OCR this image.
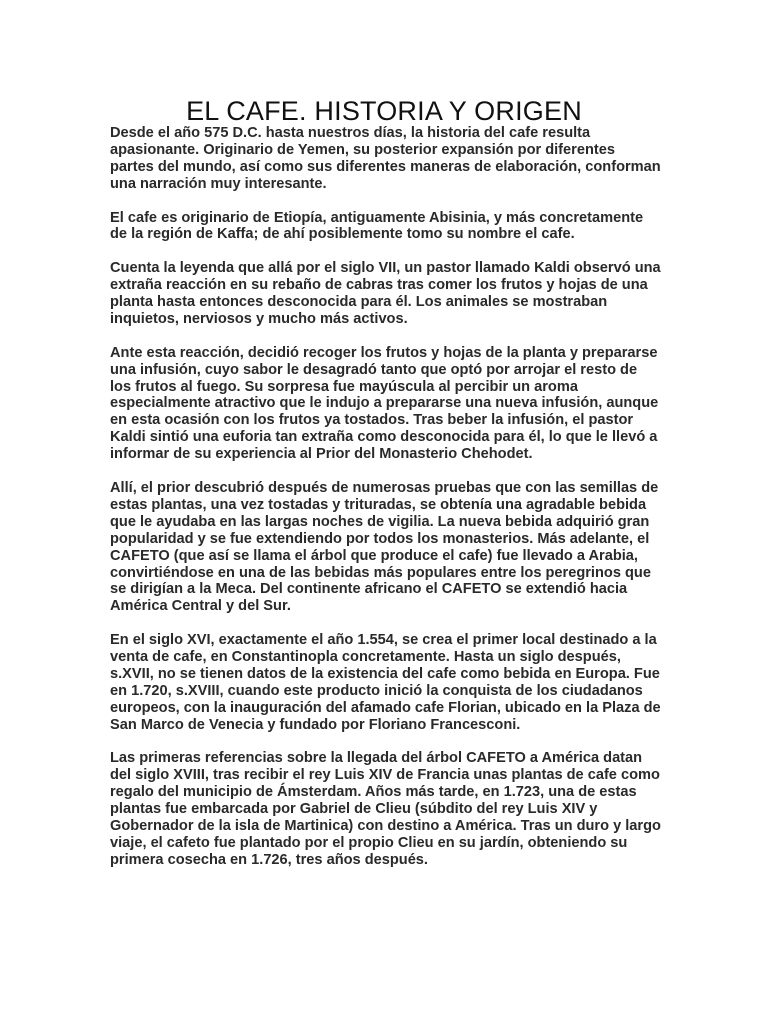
EL CAFE. HISTORIA Y ORIGEN

Desde el año 575 D.C. hasta nuestros días, la historia del cafe resulta apasionante. Originario de Yemen, su posterior expansión por diferentes partes del mundo, así como sus diferentes maneras de elaboración, conforman una narración muy interesante.

El cafe es originario de Etiopía, antiguamente Abisinia, y más concretamente de la región de Kaffa; de ahí posiblemente tomo su nombre el cafe.

Cuenta la leyenda que allá por el siglo VII, un pastor llamado Kaldi observó una extraña reacción en su rebaño de cabras tras comer los frutos y hojas de una planta hasta entonces desconocida para él. Los animales se mostraban inquietos, nerviosos y mucho más activos.

Ante esta reacción, decidió recoger los frutos y hojas de la planta y prepararse una infusión, cuyo sabor le desagradó tanto que optó por arrojar el resto de los frutos al fuego. Su sorpresa fue mayúscula al percibir un aroma especialmente atractivo que le indujo a prepararse una nueva infusión, aunque en esta ocasión con los frutos ya tostados. Tras beber la infusión, el pastor Kaldi sintió una euforia tan extraña como desconocida para él, lo que le llevó a informar de su experiencia al Prior del Monasterio Chehodet.

Allí, el prior descubrió después de numerosas pruebas que con las semillas de estas plantas, una vez tostadas y trituradas, se obtenía una agradable bebida que le ayudaba en las largas noches de vigilia. La nueva bebida adquirió gran popularidad y se fue extendiendo por todos los monasterios. Más adelante, el CAFETO (que así se llama el árbol que produce el cafe) fue llevado a Arabia, convirtiéndose en una de las bebidas más populares entre los peregrinos que se dirigían a la Meca. Del continente africano el CAFETO se extendió hacia América Central y del Sur.

En el siglo XVI, exactamente el año 1.554, se crea el primer local destinado a la venta de cafe, en Constantinopla concretamente. Hasta un siglo después, s.XVII, no se tienen datos de la existencia del cafe como bebida en Europa. Fue en 1.720, s.XVIII, cuando este producto inició la conquista de los ciudadanos europeos, con la inauguración del afamado cafe Florian, ubicado en la Plaza de San Marco de Venecia y fundado por Floriano Francesconi.

Las primeras referencias sobre la llegada del árbol CAFETO a América datan del siglo XVIII, tras recibir el rey Luis XIV de Francia unas plantas de cafe como regalo del municipio de Ámsterdam. Años más tarde, en 1.723, una de estas plantas fue embarcada por Gabriel de Clieu (súbdito del rey Luis XIV y Gobernador de la isla de Martinica) con destino a América. Tras un duro y largo viaje, el cafeto fue plantado por el propio Clieu en su jardín, obteniendo su primera cosecha en 1.726, tres años después.
